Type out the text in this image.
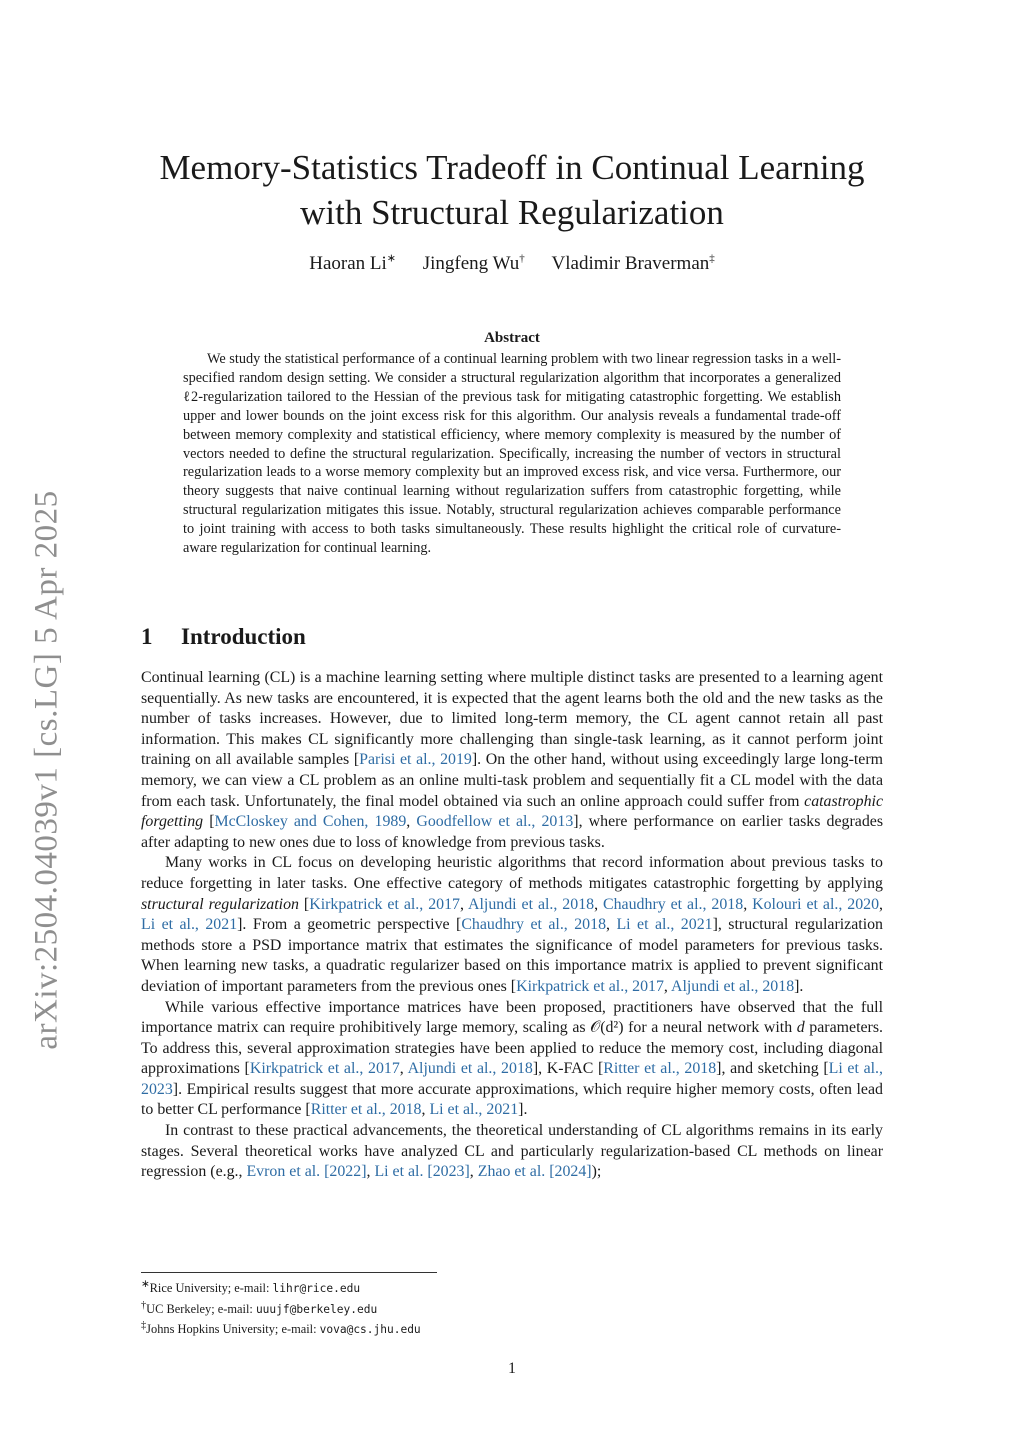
arXiv:2504.04039v1 [cs.LG] 5 Apr 2025
Memory-Statistics Tradeoff in Continual Learning
with Structural Regularization
Haoran Li∗ Jingfeng Wu† Vladimir Braverman‡
Abstract

We study the statistical performance of a continual learning problem with two linear regression tasks in a well-specified random design setting. We consider a structural regularization algorithm that incorporates a generalized ℓ2-regularization tailored to the Hessian of the previous task for mitigating catastrophic forgetting. We establish upper and lower bounds on the joint excess risk for this algorithm. Our analysis reveals a fundamental trade-off between memory complexity and statistical efficiency, where memory complexity is measured by the number of vectors needed to define the structural regularization. Specifically, increasing the number of vectors in structural regularization leads to a worse memory complexity but an improved excess risk, and vice versa. Furthermore, our theory suggests that naive continual learning without regularization suffers from catastrophic forgetting, while structural regularization mitigates this issue. Notably, structural regularization achieves comparable performance to joint training with access to both tasks simultaneously. These results highlight the critical role of curvature-aware regularization for continual learning.

1 Introduction

Continual learning (CL) is a machine learning setting where multiple distinct tasks are presented to a learning agent sequentially. As new tasks are encountered, it is expected that the agent learns both the old and the new tasks as the number of tasks increases. However, due to limited long-term memory, the CL agent cannot retain all past information. This makes CL significantly more challenging than single-task learning, as it cannot perform joint training on all available samples [Parisi et al., 2019]. On the other hand, without using exceedingly large long-term memory, we can view a CL problem as an online multi-task problem and sequentially fit a CL model with the data from each task. Unfortunately, the final model obtained via such an online approach could suffer from catastrophic forgetting [McCloskey and Cohen, 1989, Goodfellow et al., 2013], where performance on earlier tasks degrades after adapting to new ones due to loss of knowledge from previous tasks.

Many works in CL focus on developing heuristic algorithms that record information about previous tasks to reduce forgetting in later tasks. One effective category of methods mitigates catastrophic forgetting by applying structural regularization [Kirkpatrick et al., 2017, Aljundi et al., 2018, Chaudhry et al., 2018, Kolouri et al., 2020, Li et al., 2021]. From a geometric perspective [Chaudhry et al., 2018, Li et al., 2021], structural regularization methods store a PSD importance matrix that estimates the significance of model parameters for previous tasks. When learning new tasks, a quadratic regularizer based on this importance matrix is applied to prevent significant deviation of important parameters from the previous ones [Kirkpatrick et al., 2017, Aljundi et al., 2018].

While various effective importance matrices have been proposed, practitioners have observed that the full importance matrix can require prohibitively large memory, scaling as 𝒪(d²) for a neural network with d parameters. To address this, several approximation strategies have been applied to reduce the memory cost, including diagonal approximations [Kirkpatrick et al., 2017, Aljundi et al., 2018], K-FAC [Ritter et al., 2018], and sketching [Li et al., 2023]. Empirical results suggest that more accurate approximations, which require higher memory costs, often lead to better CL performance [Ritter et al., 2018, Li et al., 2021].

In contrast to these practical advancements, the theoretical understanding of CL algorithms remains in its early stages. Several theoretical works have analyzed CL and particularly regularization-based CL methods on linear regression (e.g., Evron et al. [2022], Li et al. [2023], Zhao et al. [2024]);

∗Rice University; e-mail: lihr@rice.edu
†UC Berkeley; e-mail: uuujf@berkeley.edu
‡Johns Hopkins University; e-mail: vova@cs.jhu.edu
1
